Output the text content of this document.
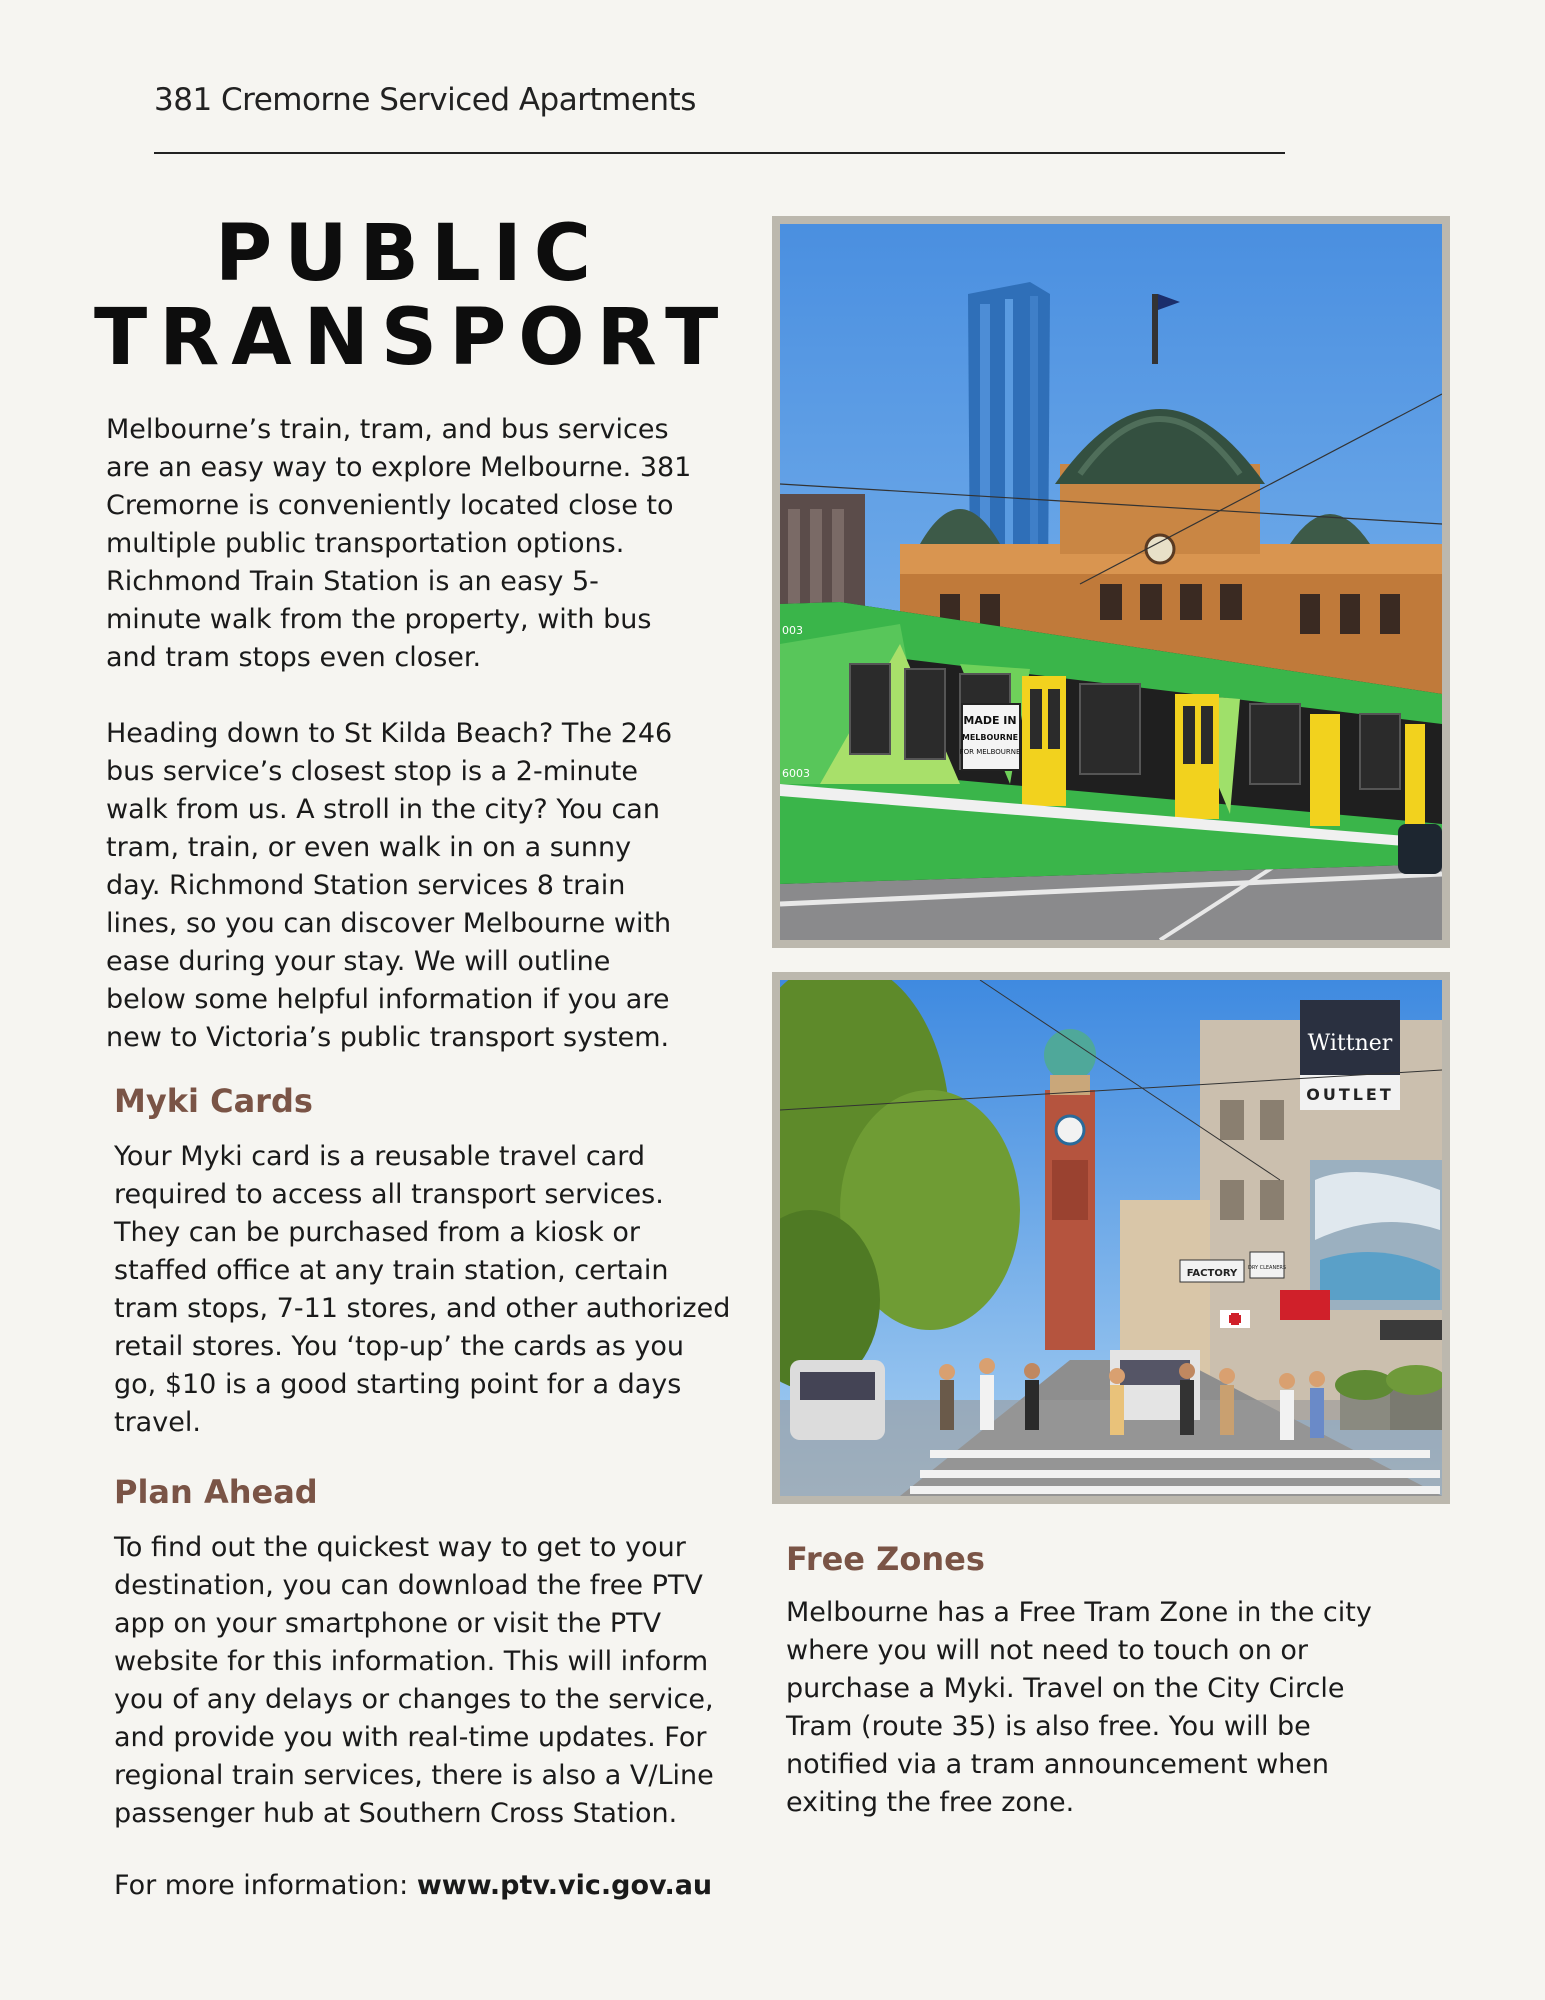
381 Cremorne Serviced Apartments
PUBLIC
TRANSPORT

Melbourne’s train, tram, and bus services
are an easy way to explore Melbourne. 381
Cremorne is conveniently located close to
multiple public transportation options.
Richmond Train Station is an easy 5-
minute walk from the property, with bus
and tram stops even closer.

Heading down to St Kilda Beach? The 246
bus service’s closest stop is a 2-minute
walk from us. A stroll in the city? You can
tram, train, or even walk in on a sunny
day. Richmond Station services 8 train
lines, so you can discover Melbourne with
ease during your stay. We will outline
below some helpful information if you are
new to Victoria’s public transport system.

Myki Cards
Your Myki card is a reusable travel card
required to access all transport services.
They can be purchased from a kiosk or
staffed office at any train station, certain
tram stops, 7-11 stores, and other authorized
retail stores. You ‘top-up’ the cards as you
go, $10 is a good starting point for a days
travel.
Plan Ahead
To find out the quickest way to get to your
destination, you can download the free PTV
app on your smartphone or visit the PTV
website for this information. This will inform
you of any delays or changes to the service,
and provide you with real-time updates. For
regional train services, there is also a V/Line
passenger hub at Southern Cross Station.
For more information: www.ptv.vic.gov.au
MADE IN
MELBOURNE
FOR MELBOURNE
003
6003
Wittner
OUTLET
FACTORY DRY CLEANERS
Free Zones
Melbourne has a Free Tram Zone in the city
where you will not need to touch on or
purchase a Myki. Travel on the City Circle
Tram (route 35) is also free. You will be
notified via a tram announcement when
exiting the free zone.
